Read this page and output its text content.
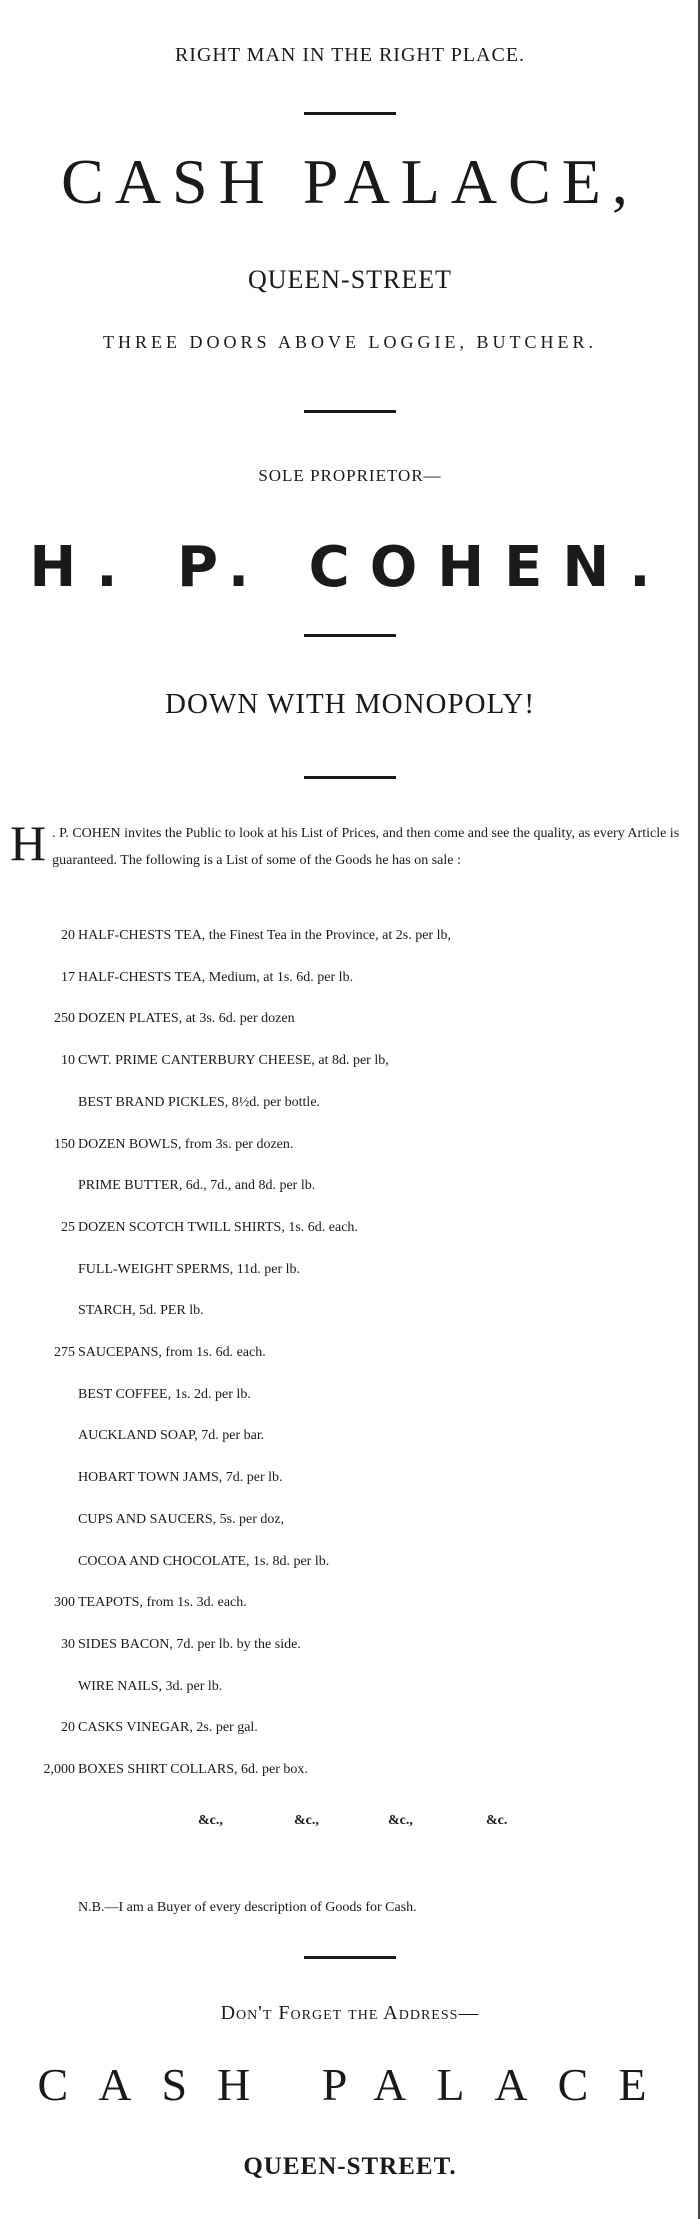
RIGHT MAN IN THE RIGHT PLACE.
CASH PALACE,
QUEEN-STREET
THREE DOORS ABOVE LOGGIE, BUTCHER.
SOLE PROPRIETOR—
H. P. COHEN.
DOWN WITH MONOPOLY!
H . P. COHEN invites the Public to look at his List of Prices, and then come and see the quality, as every Article is guaranteed. The following is a List of some of the Goods he has on sale :
20 HALF-CHESTS TEA, the Finest Tea in the Province, at 2s. per lb,
17 HALF-CHESTS TEA, Medium, at 1s. 6d. per lb.
250 DOZEN PLATES, at 3s. 6d. per dozen
10 CWT. PRIME CANTERBURY CHEESE, at 8d. per lb,
BEST BRAND PICKLES, 8½d. per bottle.
150 DOZEN BOWLS, from 3s. per dozen.
PRIME BUTTER, 6d., 7d., and 8d. per lb.
25 DOZEN SCOTCH TWILL SHIRTS, 1s. 6d. each.
FULL-WEIGHT SPERMS, 11d. per lb.
STARCH, 5d. PER lb.
275 SAUCEPANS, from 1s. 6d. each.
BEST COFFEE, 1s. 2d. per lb.
AUCKLAND SOAP, 7d. per bar.
HOBART TOWN JAMS, 7d. per lb.
CUPS AND SAUCERS, 5s. per doz,
COCOA AND CHOCOLATE, 1s. 8d. per lb.
300 TEAPOTS, from 1s. 3d. each.
30 SIDES BACON, 7d. per lb. by the side.
WIRE NAILS, 3d. per lb.
20 CASKS VINEGAR, 2s. per gal.
2,000 BOXES SHIRT COLLARS, 6d. per box.
&c.,	&c.,	&c.,	&c.
N.B.—I am a Buyer of every description of Goods for Cash.
Don't Forget the Address—
CASH PALACE
QUEEN-STREET.
